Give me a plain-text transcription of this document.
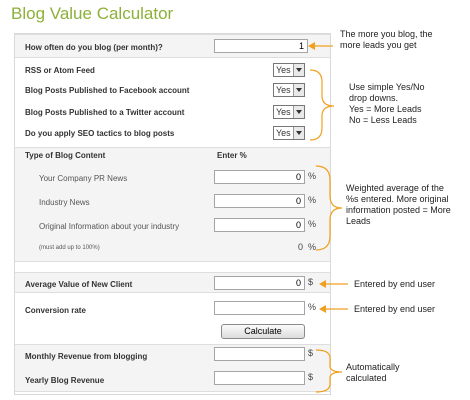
Blog Value Calculator
How often do you blog (per month)?	1
RSS or Atom Feed	Yes
Blog Posts Published to Facebook account	Yes
Blog Posts Published to a Twitter account	Yes
Do you apply SEO tactics to blog posts	Yes
Type of Blog Content	Enter %
Your Company PR News	0 %
Industry News	0 %
Original Information about your industry	0 %
(must add up to 100%)	0 %
Average Value of New Client	0 $
Conversion rate	%
Calculate
Monthly Revenue from blogging	$
Yearly Blog Revenue	$
The more you blog, the
more leads you get
Use simple Yes/No
drop downs.
Yes = More Leads
No = Less Leads
Weighted average of the
%s entered. More original
information posted = More
Leads
Entered by end user
Entered by end user
Automatically
calculated
